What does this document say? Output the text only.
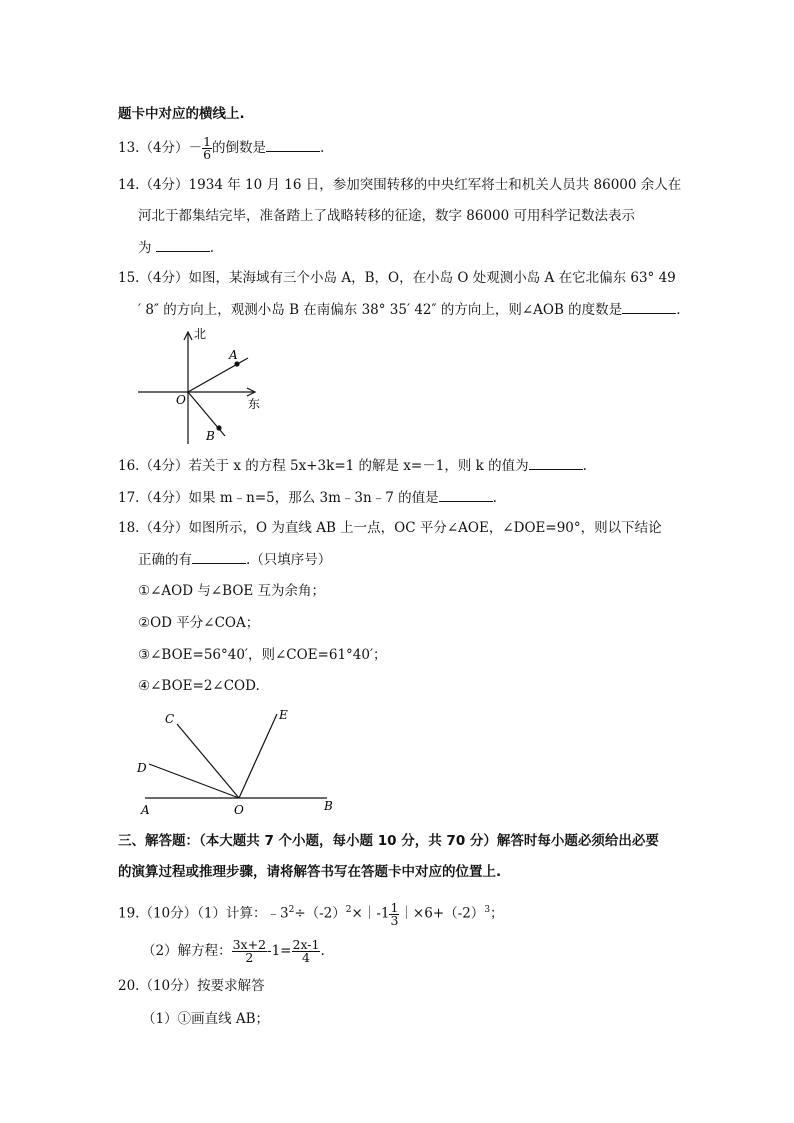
题卡中对应的横线上.
13.（4分）－ $\frac{1}{6}$ 的倒数是	.
14.（4分）1934 年 10 月 16 日，参加突围转移的中央红军将士和机关人员共 86000 余人在
河北于都集结完毕，准备踏上了战略转移的征途，数字 86000 可用科学记数法表示
为	.
15.（4分）如图，某海域有三个小岛 A，B，O，在小岛 O 处观测小岛 A 在它北偏东 63° 49
′ 8″ 的方向上，观测小岛 B 在南偏东 38° 35′ 42″ 的方向上，则∠AOB 的度数是	.
北
东
A
O
B
16.（4分）若关于 x 的方程 5x+3k=1 的解是 x=－1，则 k 的值为	.
17.（4分）如果 m﹣n=5，那么 3m﹣3n﹣7 的值是	.
18.（4分）如图所示，O 为直线 AB 上一点，OC 平分∠AOE，∠DOE=90°，则以下结论
正确的有	.（只填序号）
①∠AOD 与∠BOE 互为余角；
②OD 平分∠COA；
③∠BOE=56°40′，则∠COE=61°40′；
④∠BOE=2∠COD.
C	E
D
A	O	B
三、解答题：（本大题共 7 个小题，每小题 10 分，共 70 分）解答时每小题必须给出必要
的演算过程或推理步骤，请将解答书写在答题卡中对应的位置上.
19.（10分）（1）计算：$﹣3^2\div(-2)^2\times|-1 \frac{1}{3}$ $|\times 6+(-2)^3$；
（2）解方程： $\frac{3x+2}{2} -1= \frac{2x-1}{4}$ .
20.（10分）按要求解答
（1）①画直线 AB；
